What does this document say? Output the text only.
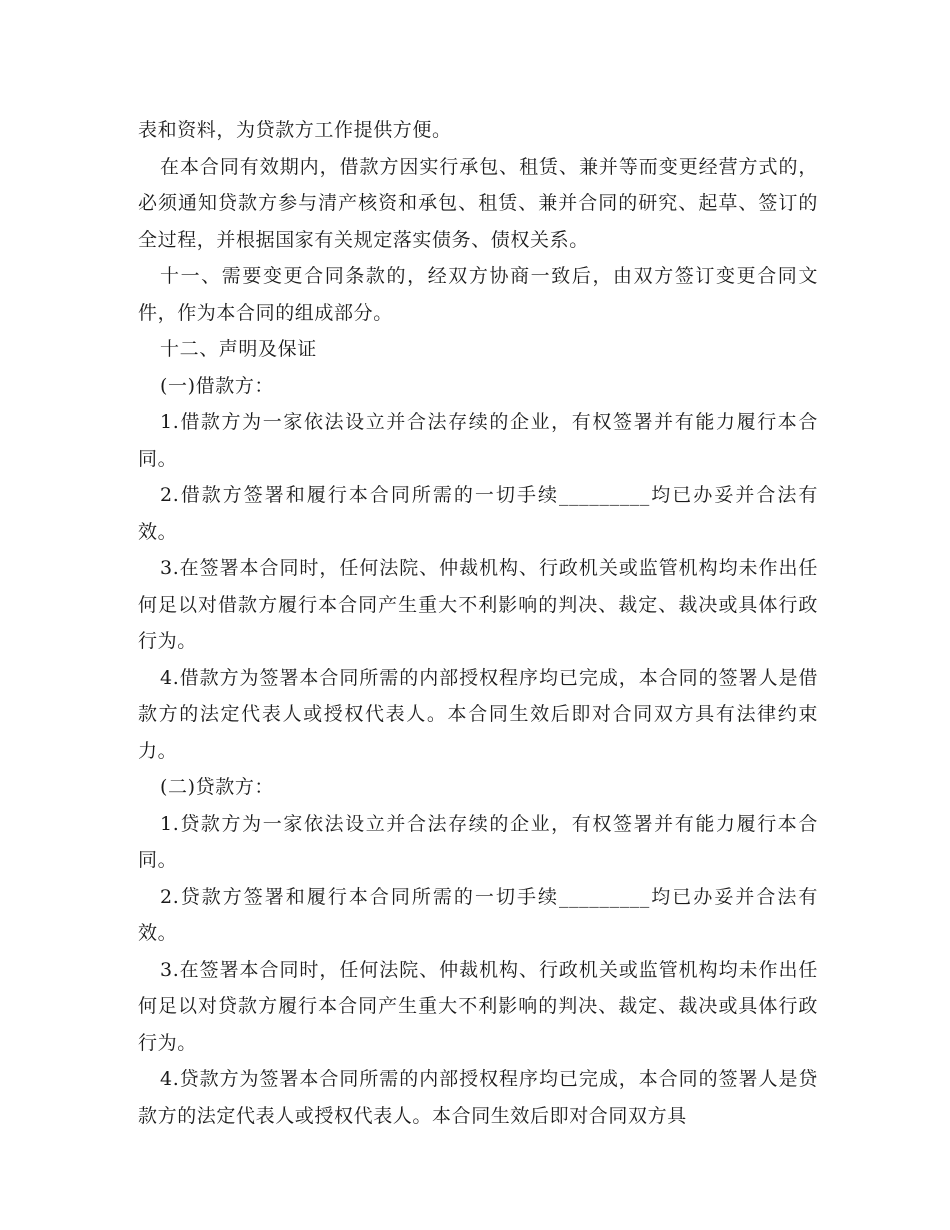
表和资料，为贷款方工作提供方便。

在本合同有效期内，借款方因实行承包、租赁、兼并等而变更经营方式的，必须通知贷款方参与清产核资和承包、租赁、兼并合同的研究、起草、签订的全过程，并根据国家有关规定落实债务、债权关系。

十一、需要变更合同条款的，经双方协商一致后，由双方签订变更合同文件，作为本合同的组成部分。

十二、声明及保证

(一)借款方：

1.借款方为一家依法设立并合法存续的企业，有权签署并有能力履行本合同。

2.借款方签署和履行本合同所需的一切手续_________均已办妥并合法有效。

3.在签署本合同时，任何法院、仲裁机构、行政机关或监管机构均未作出任何足以对借款方履行本合同产生重大不利影响的判决、裁定、裁决或具体行政行为。

4.借款方为签署本合同所需的内部授权程序均已完成，本合同的签署人是借款方的法定代表人或授权代表人。本合同生效后即对合同双方具有法律约束力。

(二)贷款方：

1.贷款方为一家依法设立并合法存续的企业，有权签署并有能力履行本合同。

2.贷款方签署和履行本合同所需的一切手续_________均已办妥并合法有效。

3.在签署本合同时，任何法院、仲裁机构、行政机关或监管机构均未作出任何足以对贷款方履行本合同产生重大不利影响的判决、裁定、裁决或具体行政行为。

4.贷款方为签署本合同所需的内部授权程序均已完成，本合同的签署人是贷款方的法定代表人或授权代表人。本合同生效后即对合同双方具
